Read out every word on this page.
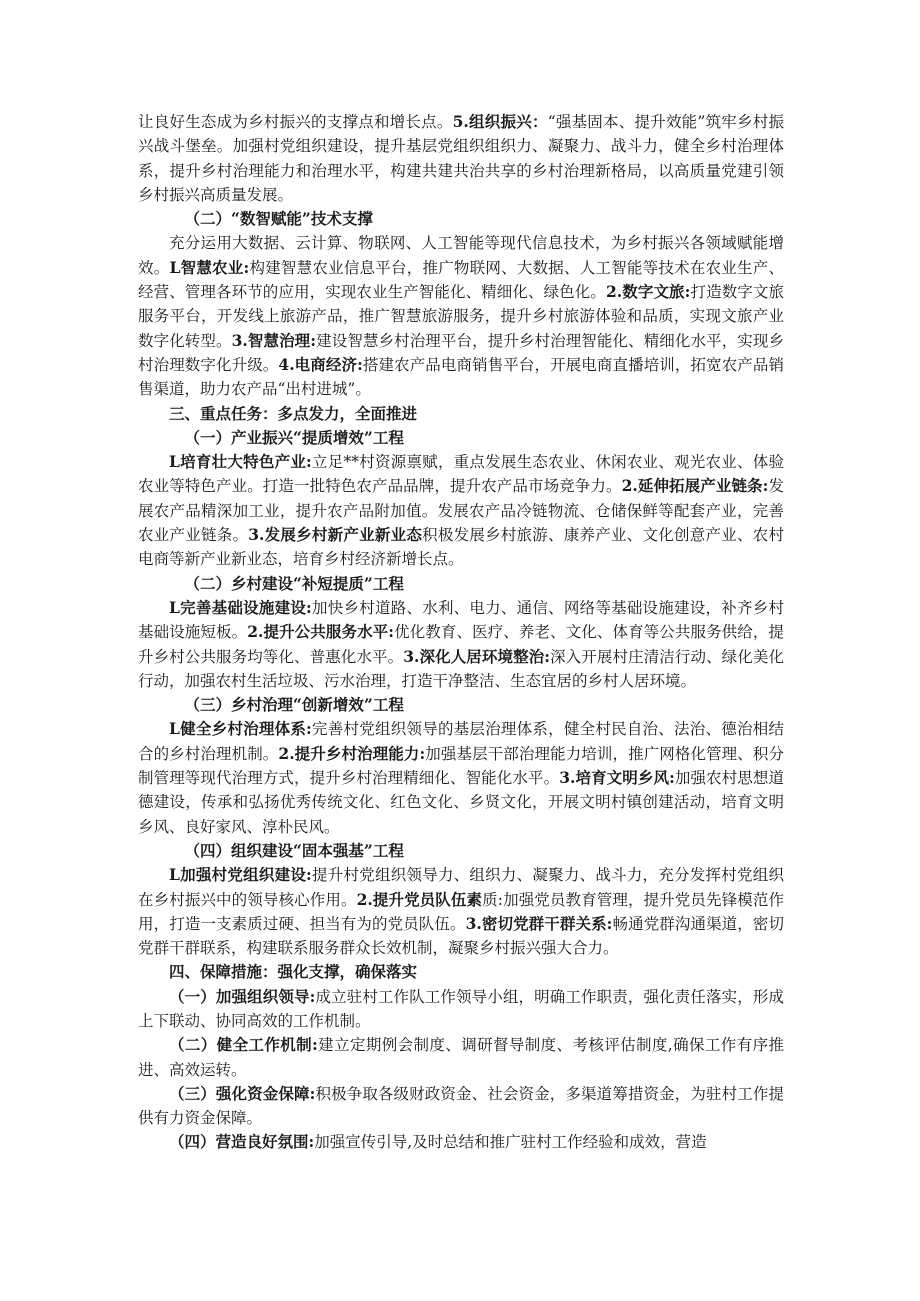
让良好生态成为乡村振兴的支撑点和增长点。5.组织振兴：“强基固本、提升效能”筑牢乡村振兴战斗堡垒。加强村党组织建设，提升基层党组织组织力、凝聚力、战斗力，健全乡村治理体系，提升乡村治理能力和治理水平，构建共建共治共享的乡村治理新格局，以高质量党建引领乡村振兴高质量发展。

（二）“数智赋能”技术支撑

充分运用大数据、云计算、物联网、人工智能等现代信息技术，为乡村振兴各领域赋能增效。L智慧农业:构建智慧农业信息平台，推广物联网、大数据、人工智能等技术在农业生产、经营、管理各环节的应用，实现农业生产智能化、精细化、绿色化。2.数字文旅:打造数字文旅服务平台，开发线上旅游产品，推广智慧旅游服务，提升乡村旅游体验和品质，实现文旅产业数字化转型。3.智慧治理:建设智慧乡村治理平台，提升乡村治理智能化、精细化水平，实现乡村治理数字化升级。4.电商经济:搭建农产品电商销售平台，开展电商直播培训，拓宽农产品销售渠道，助力农产品“出村进城”。

三、重点任务：多点发力，全面推进

（一）产业振兴“提质增效”工程

L培育壮大特色产业:立足**村资源禀赋，重点发展生态农业、休闲农业、观光农业、体验农业等特色产业。打造一批特色农产品品牌，提升农产品市场竞争力。2.延伸拓展产业链条:发展农产品精深加工业，提升农产品附加值。发展农产品冷链物流、仓储保鲜等配套产业，完善农业产业链条。3.发展乡村新产业新业态积极发展乡村旅游、康养产业、文化创意产业、农村电商等新产业新业态，培育乡村经济新增长点。

（二）乡村建设“补短提质”工程

L完善基础设施建设:加快乡村道路、水利、电力、通信、网络等基础设施建设，补齐乡村基础设施短板。2.提升公共服务水平:优化教育、医疗、养老、文化、体育等公共服务供给，提升乡村公共服务均等化、普惠化水平。3.深化人居环境整治:深入开展村庄清洁行动、绿化美化行动，加强农村生活垃圾、污水治理，打造干净整洁、生态宜居的乡村人居环境。

（三）乡村治理“创新增效”工程

L健全乡村治理体系:完善村党组织领导的基层治理体系，健全村民自治、法治、德治相结合的乡村治理机制。2.提升乡村治理能力:加强基层干部治理能力培训，推广网格化管理、积分制管理等现代治理方式，提升乡村治理精细化、智能化水平。3.培育文明乡风:加强农村思想道德建设，传承和弘扬优秀传统文化、红色文化、乡贤文化，开展文明村镇创建活动，培育文明乡风、良好家风、淳朴民风。

（四）组织建设“固本强基”工程

L加强村党组织建设:提升村党组织领导力、组织力、凝聚力、战斗力，充分发挥村党组织在乡村振兴中的领导核心作用。2.提升党员队伍素质:加强党员教育管理，提升党员先锋模范作用，打造一支素质过硬、担当有为的党员队伍。3.密切党群干群关系:畅通党群沟通渠道，密切党群干群联系，构建联系服务群众长效机制，凝聚乡村振兴强大合力。

四、保障措施：强化支撑，确保落实

（一）加强组织领导:成立驻村工作队工作领导小组，明确工作职责，强化责任落实，形成上下联动、协同高效的工作机制。

（二）健全工作机制:建立定期例会制度、调研督导制度、考核评估制度,确保工作有序推进、高效运转。

（三）强化资金保障:积极争取各级财政资金、社会资金，多渠道筹措资金，为驻村工作提供有力资金保障。

（四）营造良好氛围:加强宣传引导,及时总结和推广驻村工作经验和成效，营造
